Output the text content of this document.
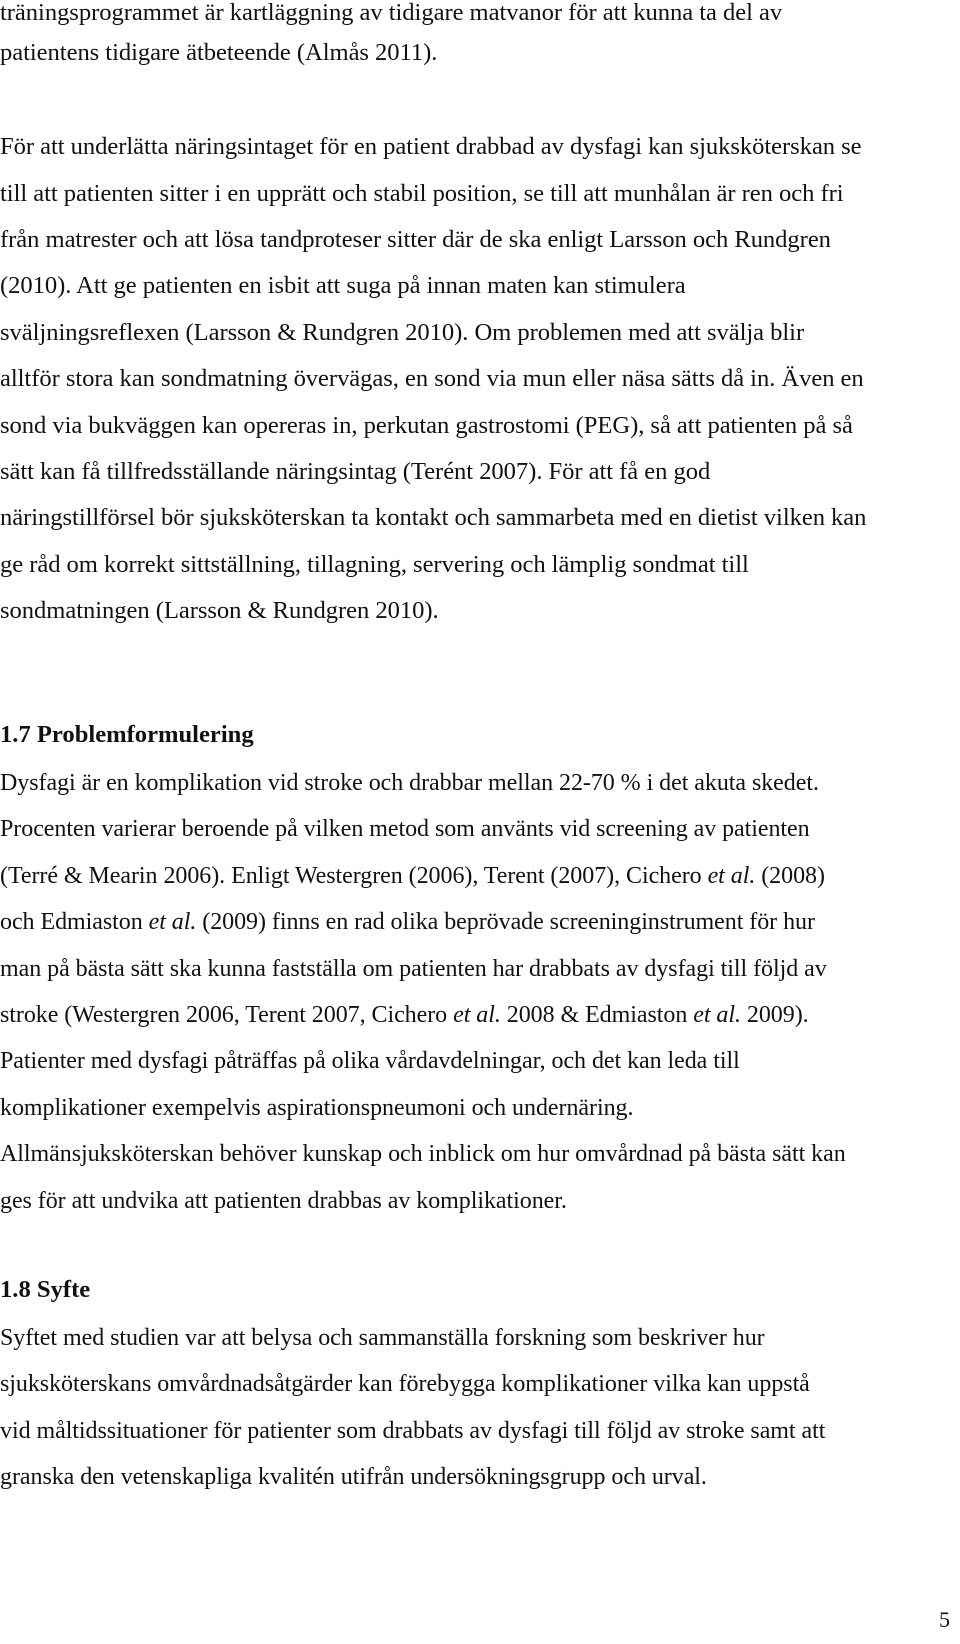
träningsprogrammet är kartläggning av tidigare matvanor för att kunna ta del av
patientens tidigare ätbeteende (Almås 2011).
För att underlätta näringsintaget för en patient drabbad av dysfagi kan sjuksköterskan se
till att patienten sitter i en upprätt och stabil position, se till att munhålan är ren och fri
från matrester och att lösa tandproteser sitter där de ska enligt Larsson och Rundgren
(2010). Att ge patienten en isbit att suga på innan maten kan stimulera
sväljningsreflexen (Larsson & Rundgren 2010). Om problemen med att svälja blir
alltför stora kan sondmatning övervägas, en sond via mun eller näsa sätts då in. Även en
sond via bukväggen kan opereras in, perkutan gastrostomi (PEG), så att patienten på så
sätt kan få tillfredsställande näringsintag (Terént 2007). För att få en god
näringstillförsel bör sjuksköterskan ta kontakt och sammarbeta med en dietist vilken kan
ge råd om korrekt sittställning, tillagning, servering och lämplig sondmat till
sondmatningen (Larsson & Rundgren 2010).
1.7 Problemformulering
Dysfagi är en komplikation vid stroke och drabbar mellan 22-70 % i det akuta skedet.
Procenten varierar beroende på vilken metod som använts vid screening av patienten
(Terré & Mearin 2006). Enligt Westergren (2006), Terent (2007), Cichero et al. (2008)
och Edmiaston et al. (2009) finns en rad olika beprövade screeninginstrument för hur
man på bästa sätt ska kunna fastställa om patienten har drabbats av dysfagi till följd av
stroke (Westergren 2006, Terent 2007, Cichero et al. 2008 & Edmiaston et al. 2009).
Patienter med dysfagi påträffas på olika vårdavdelningar, och det kan leda till
komplikationer exempelvis aspirationspneumoni och undernäring.
Allmänsjuksköterskan behöver kunskap och inblick om hur omvårdnad på bästa sätt kan
ges för att undvika att patienten drabbas av komplikationer.
1.8 Syfte
Syftet med studien var att belysa och sammanställa forskning som beskriver hur
sjuksköterskans omvårdnadsåtgärder kan förebygga komplikationer vilka kan uppstå
vid måltidssituationer för patienter som drabbats av dysfagi till följd av stroke samt att
granska den vetenskapliga kvalitén utifrån undersökningsgrupp och urval.
5
